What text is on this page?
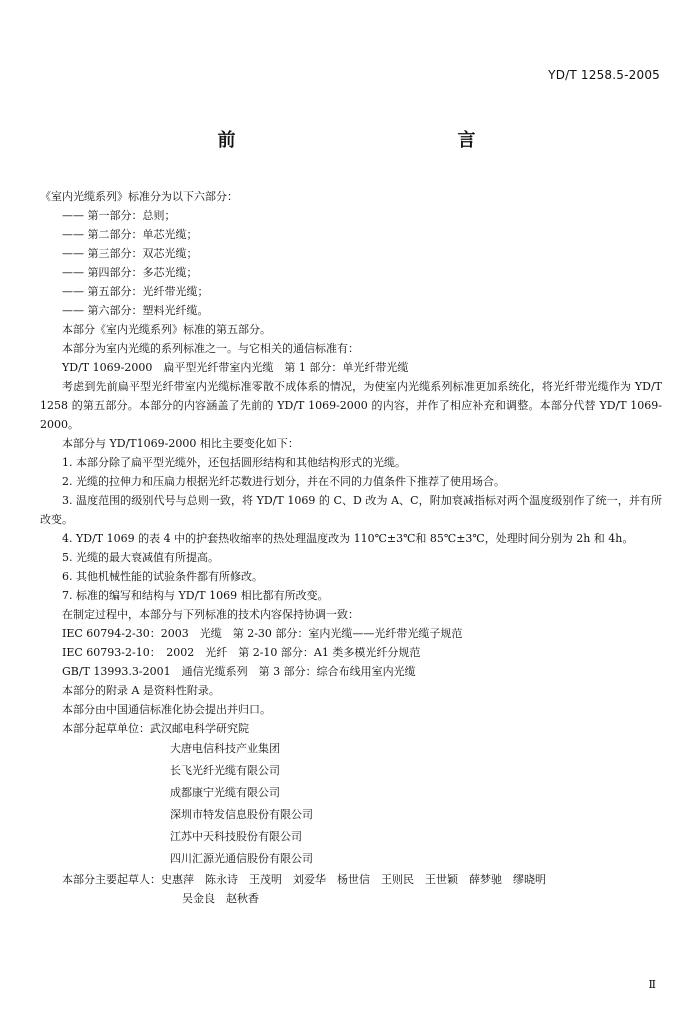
YD/T 1258.5-2005
前　　言

《室内光缆系列》标准分为以下六部分：

—— 第一部分：总则；

—— 第二部分：单芯光缆；

—— 第三部分：双芯光缆；

—— 第四部分：多芯光缆；

—— 第五部分：光纤带光缆；

—— 第六部分：塑料光纤缆。

本部分《室内光缆系列》标准的第五部分。

本部分为室内光缆的系列标准之一。与它相关的通信标准有：

YD/T 1069-2000　扁平型光纤带室内光缆　第 1 部分：单光纤带光缆

考虑到先前扁平型光纤带室内光缆标准零散不成体系的情况，为使室内光缆系列标准更加系统化，将光纤带光缆作为 YD/T 1258 的第五部分。本部分的内容涵盖了先前的 YD/T 1069-2000 的内容，并作了相应补充和调整。本部分代替 YD/T 1069-2000。

本部分与 YD/T1069-2000 相比主要变化如下：

1. 本部分除了扁平型光缆外，还包括圆形结构和其他结构形式的光缆。

2. 光缆的拉伸力和压扁力根据光纤芯数进行划分，并在不同的力值条件下推荐了使用场合。

3. 温度范围的级别代号与总则一致，将 YD/T 1069 的 C、D 改为 A、C，附加衰减指标对两个温度级别作了统一，并有所改变。

4. YD/T 1069 的表 4 中的护套热收缩率的热处理温度改为 110℃±3℃和 85℃±3℃，处理时间分别为 2h 和 4h。

5. 光缆的最大衰减值有所提高。

6. 其他机械性能的试验条件都有所修改。

7. 标准的编写和结构与 YD/T 1069 相比都有所改变。

在制定过程中，本部分与下列标准的技术内容保持协调一致：

IEC 60794-2-30：2003　光缆　第 2-30 部分：室内光缆——光纤带光缆子规范

IEC 60793-2-10：　2002　光纤　第 2-10 部分：A1 类多模光纤分规范

GB/T 13993.3-2001　通信光缆系列　第 3 部分：综合布线用室内光缆

本部分的附录 A 是资料性附录。

本部分由中国通信标准化协会提出并归口。

本部分起草单位： 武汉邮电科学研究院
大唐电信科技产业集团
长飞光纤光缆有限公司
成都康宁光缆有限公司
深圳市特发信息股份有限公司
江苏中天科技股份有限公司
四川汇源光通信股份有限公司
本部分主要起草人： 史惠萍　陈永诗　王茂明　刘爱华　杨世信　王则民　王世颖　薛梦驰　缪晓明
吴金良　赵秋香
Ⅱ
